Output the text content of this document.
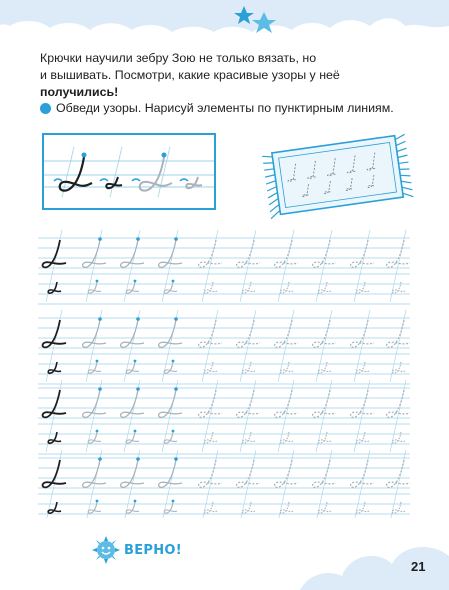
Крючки научили зебру Зою не только вязать, но

и вышивать. Посмотри, какие красивые узоры у неё

получились!

Обведи узоры. Нарисуй элементы по пунктирным линиям.
ВЕРНО!
21
